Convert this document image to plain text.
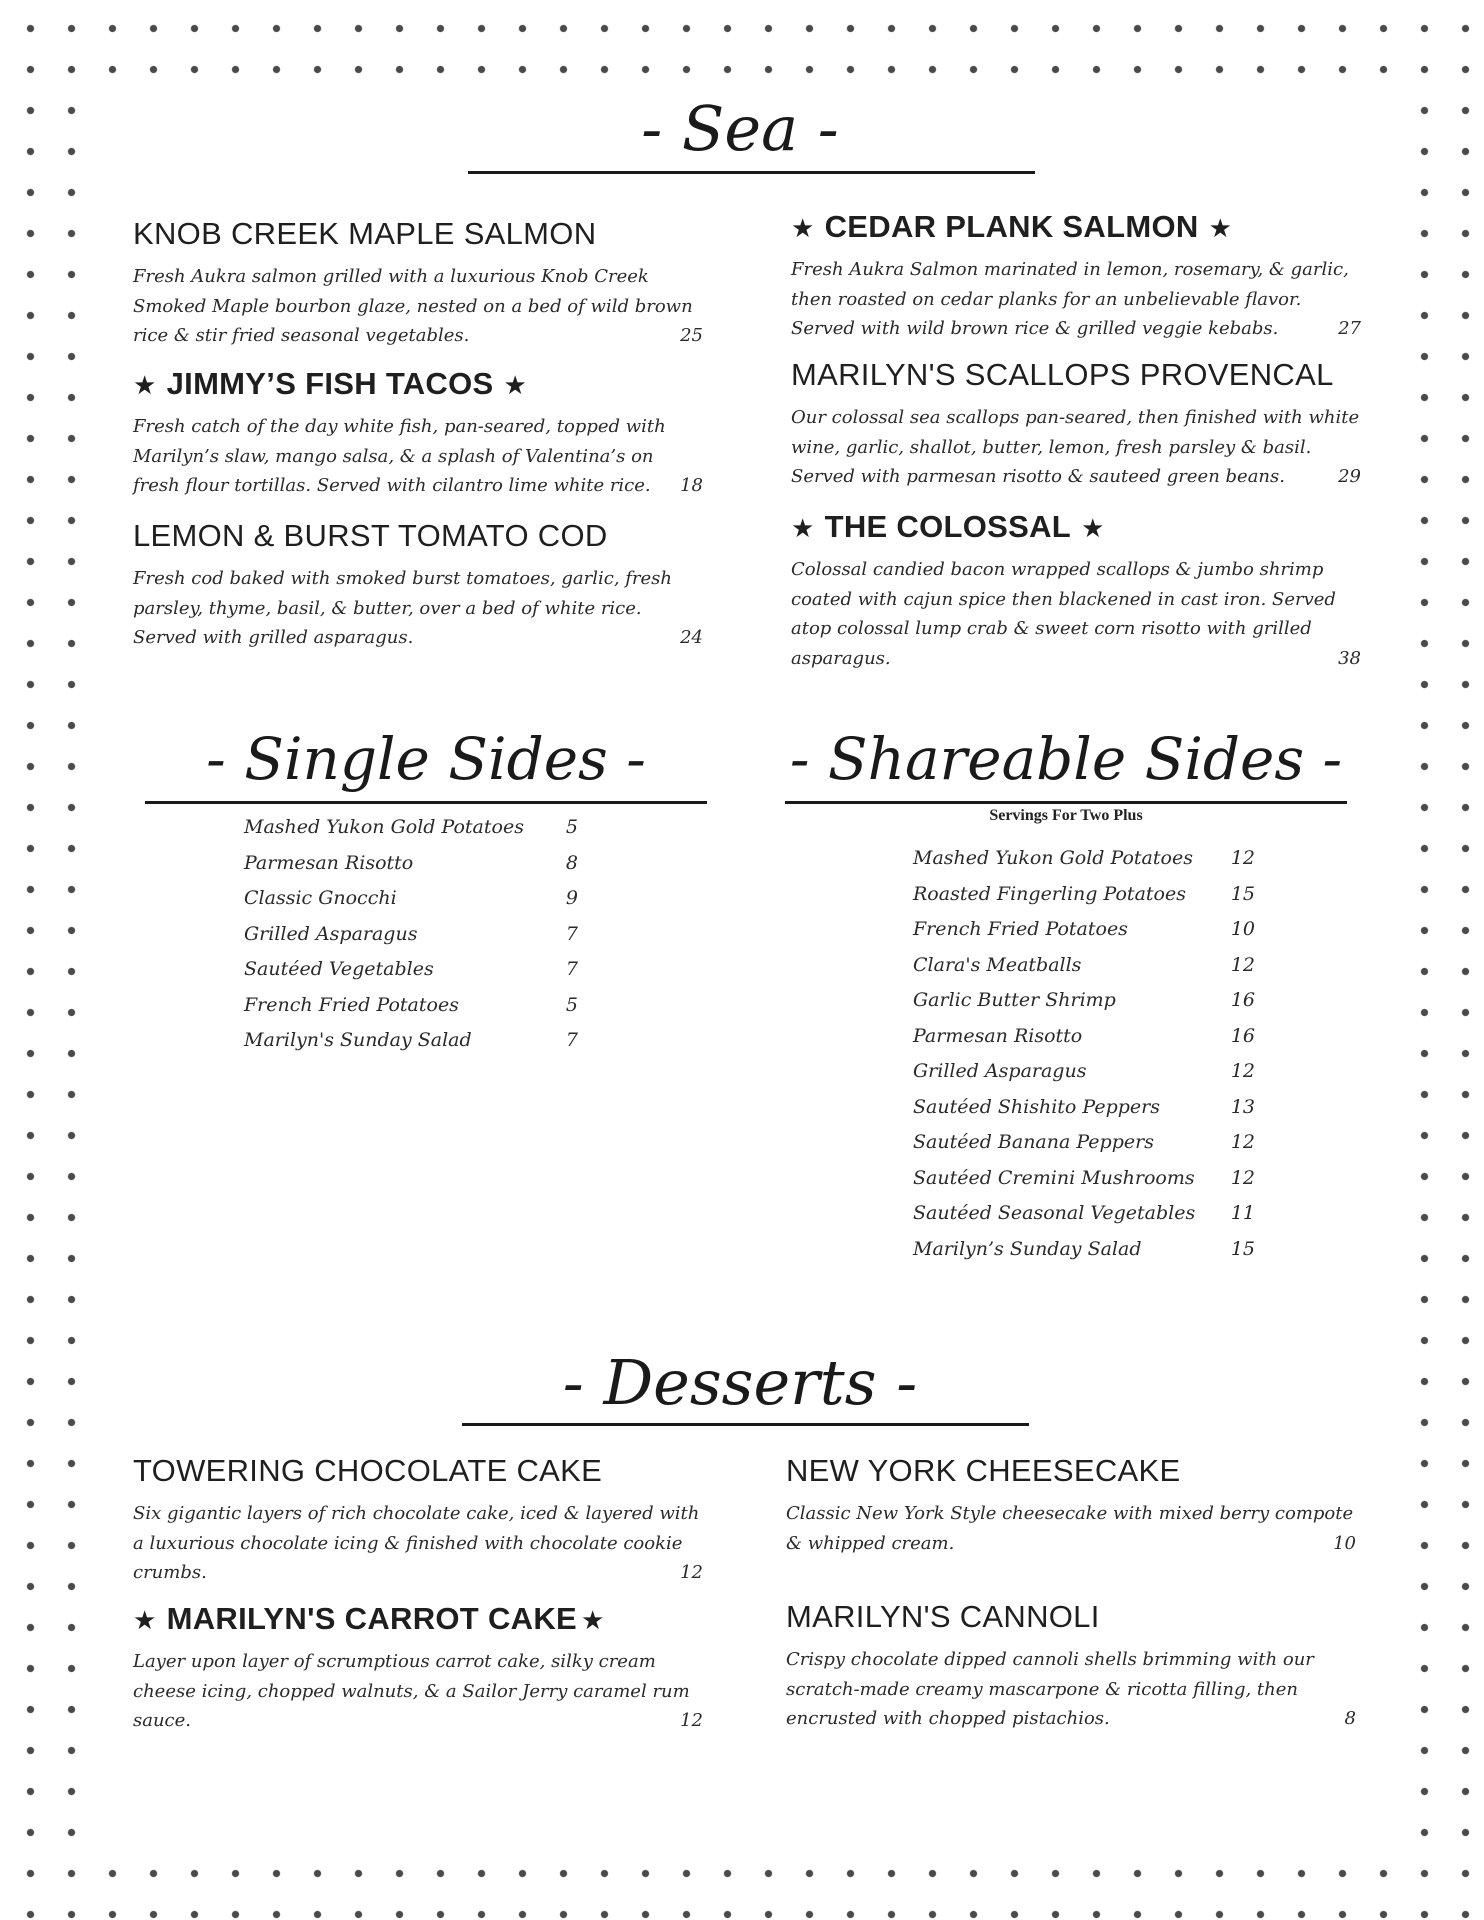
- Sea -

KNOB CREEK MAPLE SALMON

Fresh Aukra salmon grilled with a luxurious Knob Creek Smoked Maple bourbon glaze, nested on a bed of wild brown rice & stir fried seasonal vegetables.	25

★ JIMMY’S FISH TACOS ★

Fresh catch of the day white fish, pan-seared, topped with Marilyn’s slaw, mango salsa, & a splash of Valentina’s on fresh flour tortillas. Served with cilantro lime white rice. 18

LEMON & BURST TOMATO COD

Fresh cod baked with smoked burst tomatoes, garlic, fresh parsley, thyme, basil, & butter, over a bed of white rice. Served with grilled asparagus.	24

★ CEDAR PLANK SALMON ★

Fresh Aukra Salmon marinated in lemon, rosemary, & garlic, then roasted on cedar planks for an unbelievable flavor. Served with wild brown rice & grilled veggie kebabs.	27

MARILYN'S SCALLOPS PROVENCAL

Our colossal sea scallops pan-seared, then finished with white wine, garlic, shallot, butter, lemon, fresh parsley & basil. Served with parmesan risotto & sauteed green beans.	29

★ THE COLOSSAL ★

Colossal candied bacon wrapped scallops & jumbo shrimp coated with cajun spice then blackened in cast iron. Served atop colossal lump crab & sweet corn risotto with grilled asparagus.	38

- Single Sides -
Mashed Yukon Gold Potatoes 5
Parmesan Risotto	8
Classic Gnocchi	9
Grilled Asparagus	7
Sautéed Vegetables	7
French Fried Potatoes	5
Marilyn's Sunday Salad	7
- Shareable Sides -
Servings For Two Plus
Mashed Yukon Gold Potatoes 12
Roasted Fingerling Potatoes 15
French Fried Potatoes	10
Clara's Meatballs	12
Garlic Butter Shrimp	16
Parmesan Risotto	16
Grilled Asparagus	12
Sautéed Shishito Peppers	13
Sautéed Banana Peppers	12
Sautéed Cremini Mushrooms 12
Sautéed Seasonal Vegetables 11
Marilyn’s Sunday Salad	15
- Desserts -

TOWERING CHOCOLATE CAKE

Six gigantic layers of rich chocolate cake, iced & layered with a luxurious chocolate icing & finished with chocolate cookie crumbs.	12

★ MARILYN'S CARROT CAKE ★

Layer upon layer of scrumptious carrot cake, silky cream cheese icing, chopped walnuts, & a Sailor Jerry caramel rum sauce.	12

NEW YORK CHEESECAKE

Classic New York Style cheesecake with mixed berry compote & whipped cream.	10

MARILYN'S CANNOLI

Crispy chocolate dipped cannoli shells brimming with our scratch-made creamy mascarpone & ricotta filling, then encrusted with chopped pistachios.	8
